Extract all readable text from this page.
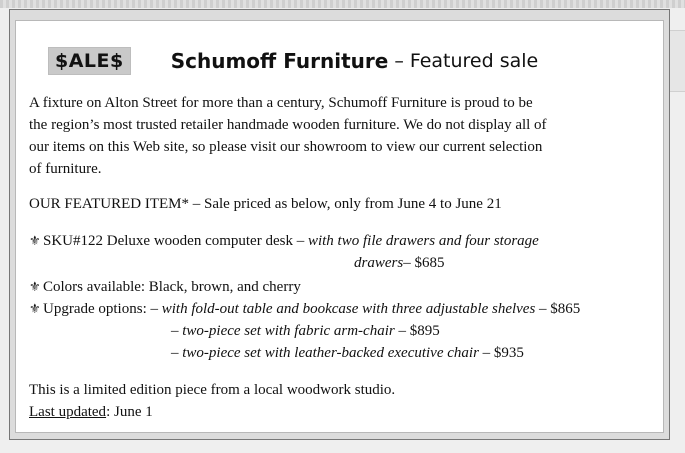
$ALE$	Schumoff Furniture – Featured sale
A fixture on Alton Street for more than a century, Schumoff Furniture is proud to be
the region’s most trusted retailer handmade wooden furniture. We do not display all of
our items on this Web site, so please visit our showroom to view our current selection
of furniture.
OUR FEATURED ITEM* – Sale priced as below, only from June 4 to June 21
⚜ SKU#122 Deluxe wooden computer desk – with two file drawers and four storage
drawers– $685
⚜ Colors available: Black, brown, and cherry
⚜ Upgrade options: – with fold-out table and bookcase with three adjustable shelves – $865
– two-piece set with fabric arm-chair – $895
– two-piece set with leather-backed executive chair – $935
This is a limited edition piece from a local woodwork studio.
Last updated: June 1
